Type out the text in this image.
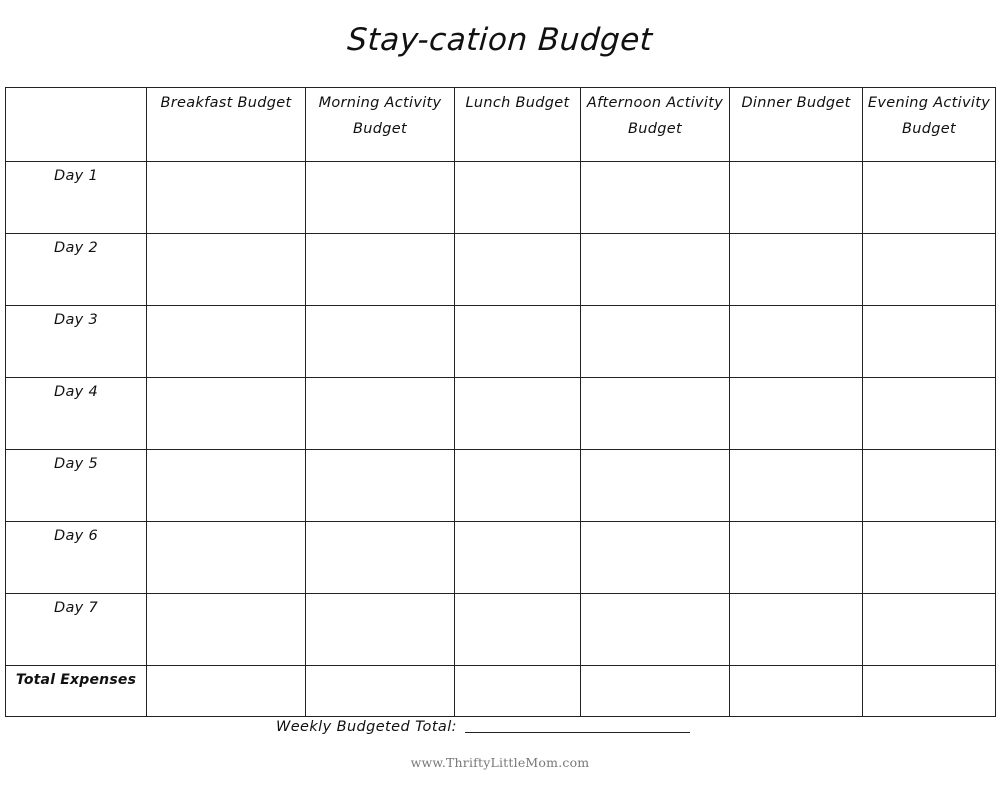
Stay-cation Budget
	Breakfast Budget	Morning Activity Budget	Lunch Budget	Afternoon Activity Budget	Dinner Budget	Evening Activity Budget
Day 1						
Day 2						
Day 3						
Day 4						
Day 5						
Day 6						
Day 7						
Total Expenses						
Weekly Budgeted Total:
www.ThriftyLittleMom.com
